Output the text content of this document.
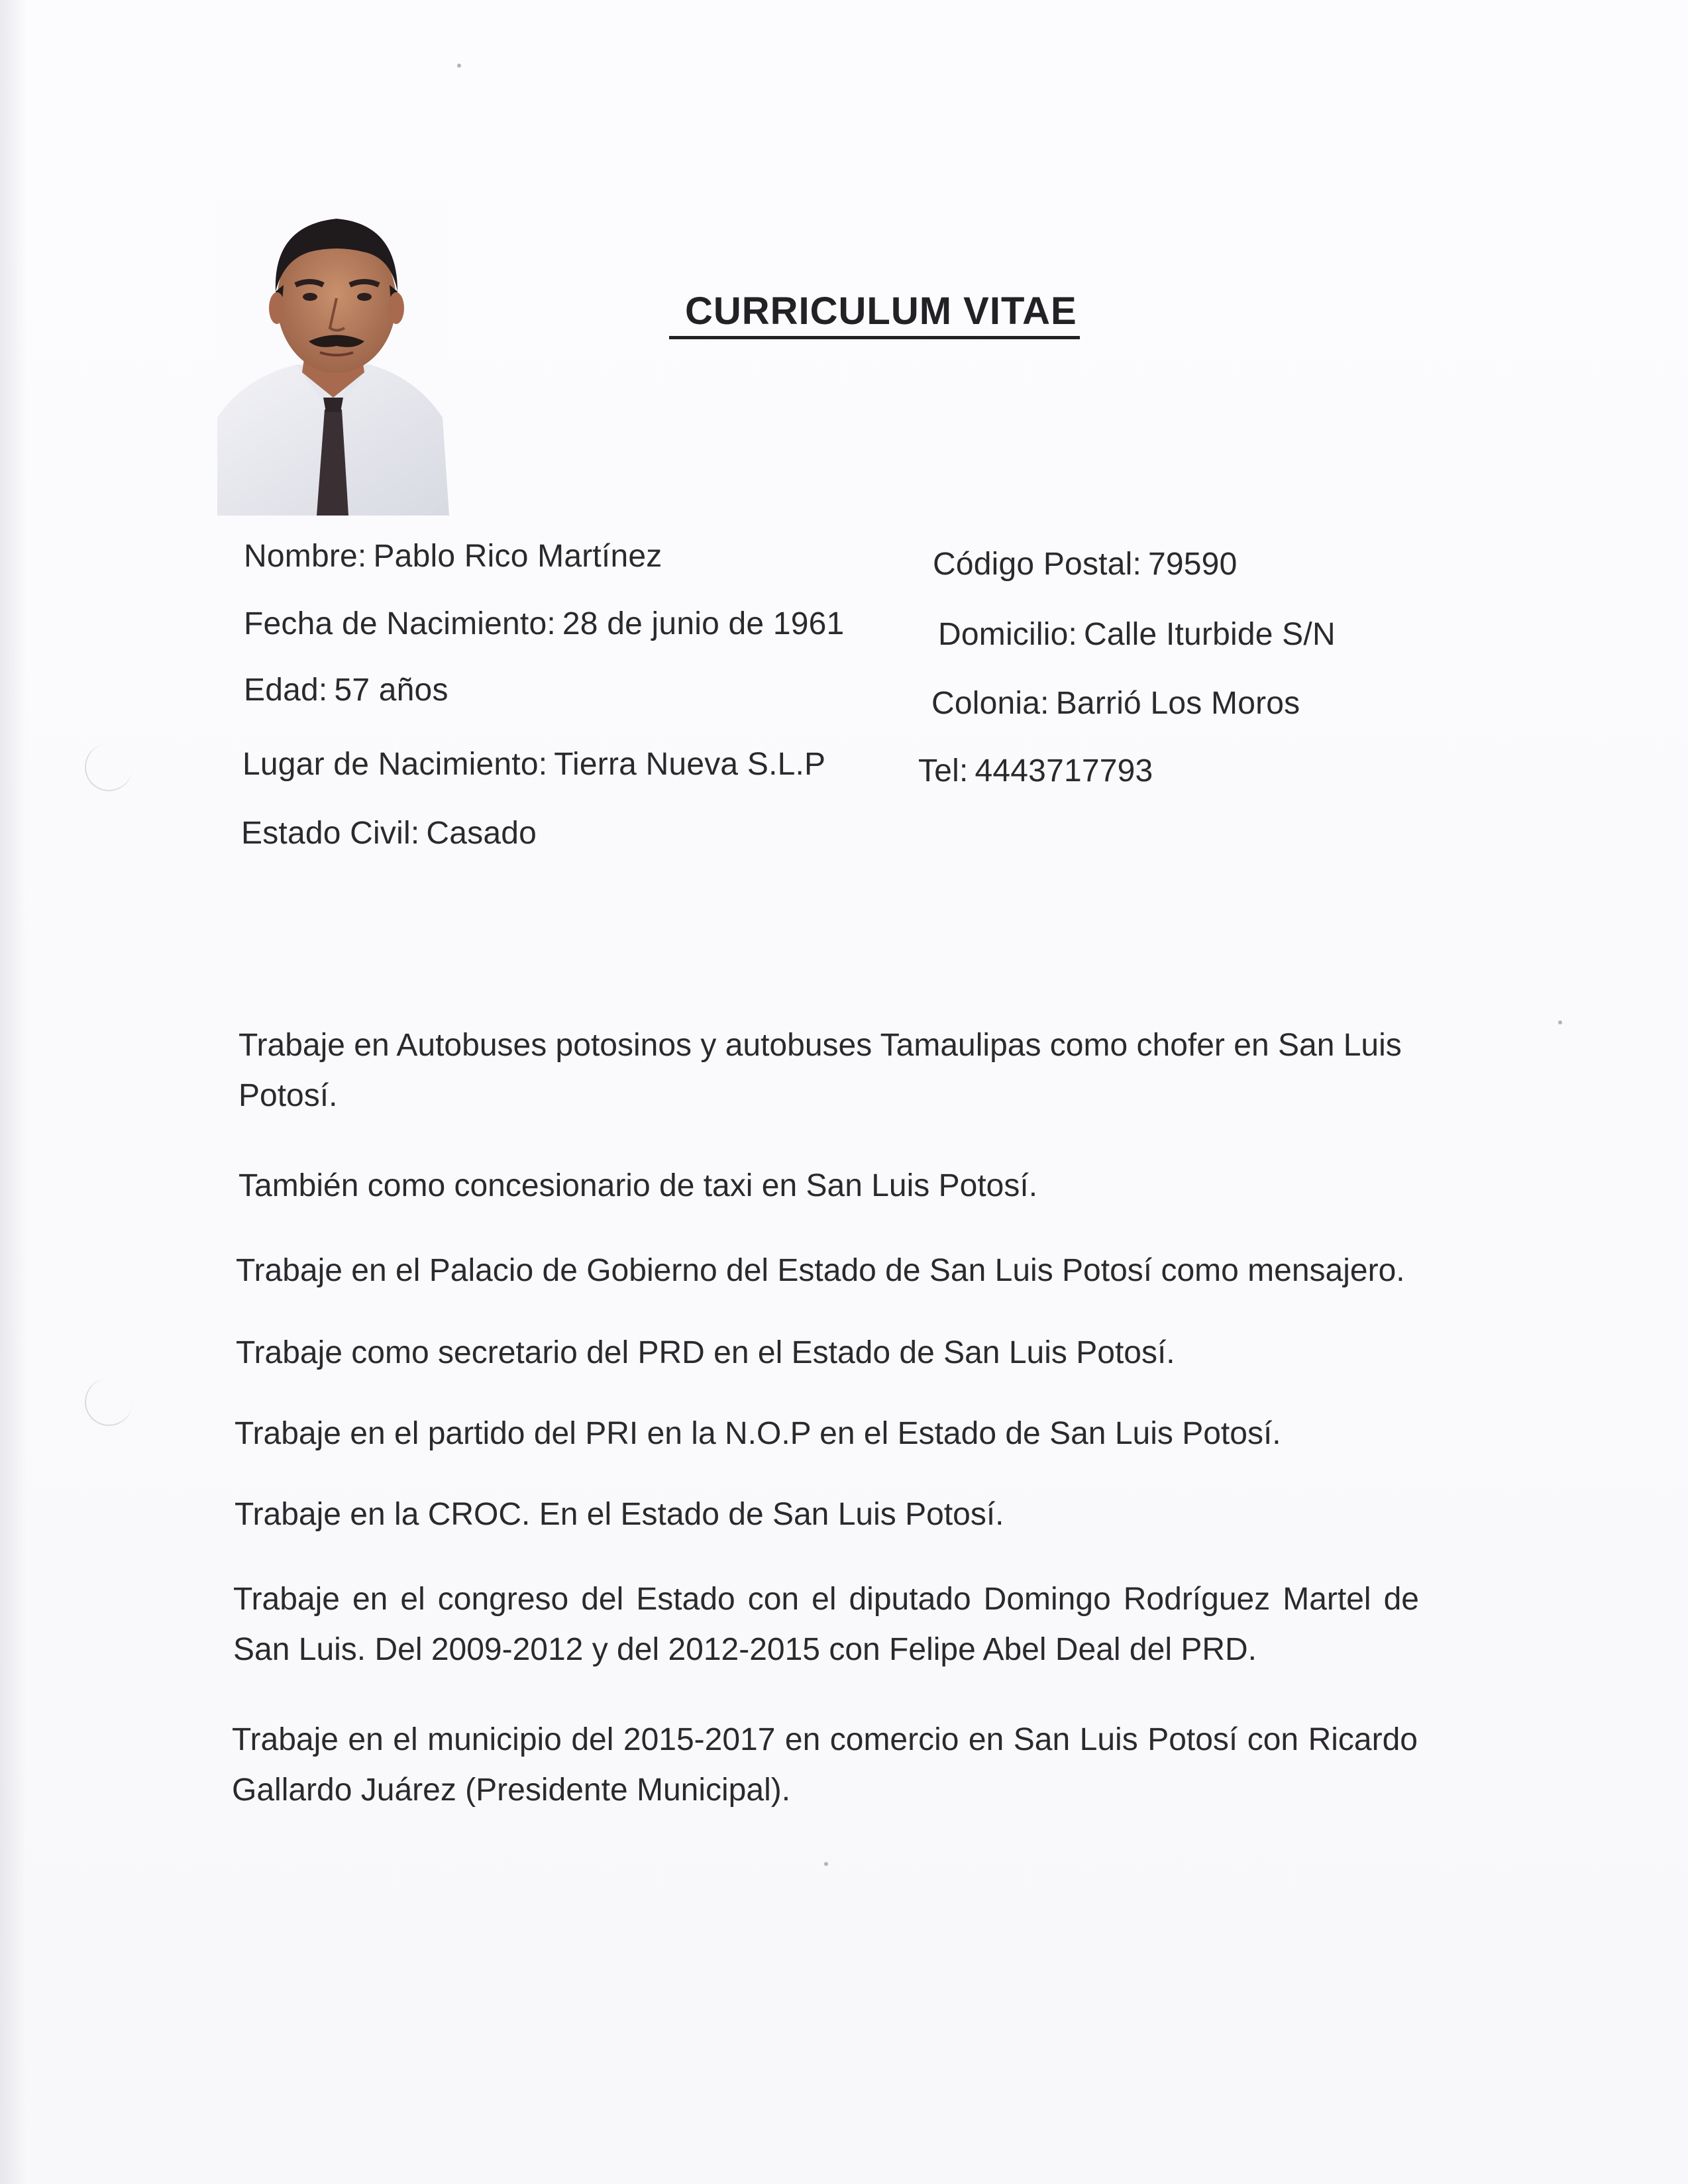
CURRICULUM VITAE
Nombre: Pablo Rico Martínez
Fecha de Nacimiento: 28 de junio de 1961
Edad: 57 años
Lugar de Nacimiento: Tierra Nueva S.L.P
Estado Civil: Casado
Código Postal: 79590
Domicilio: Calle Iturbide S/N
Colonia: Barrió Los Moros
Tel: 4443717793
Trabaje en Autobuses potosinos y autobuses Tamaulipas como chofer en San Luis Potosí.
También como concesionario de taxi en San Luis Potosí.
Trabaje en el Palacio de Gobierno del Estado de San Luis Potosí como mensajero.
Trabaje como secretario del PRD en el Estado de San Luis Potosí.
Trabaje en el partido del PRI en la N.O.P en el Estado de San Luis Potosí.
Trabaje en la CROC. En el Estado de San Luis Potosí.
Trabaje en el congreso del Estado con el diputado Domingo Rodríguez Martel de San Luis. Del 2009-2012 y del 2012-2015 con Felipe Abel Deal del PRD.
Trabaje en el municipio del 2015-2017 en comercio en San Luis Potosí con Ricardo Gallardo Juárez (Presidente Municipal).
